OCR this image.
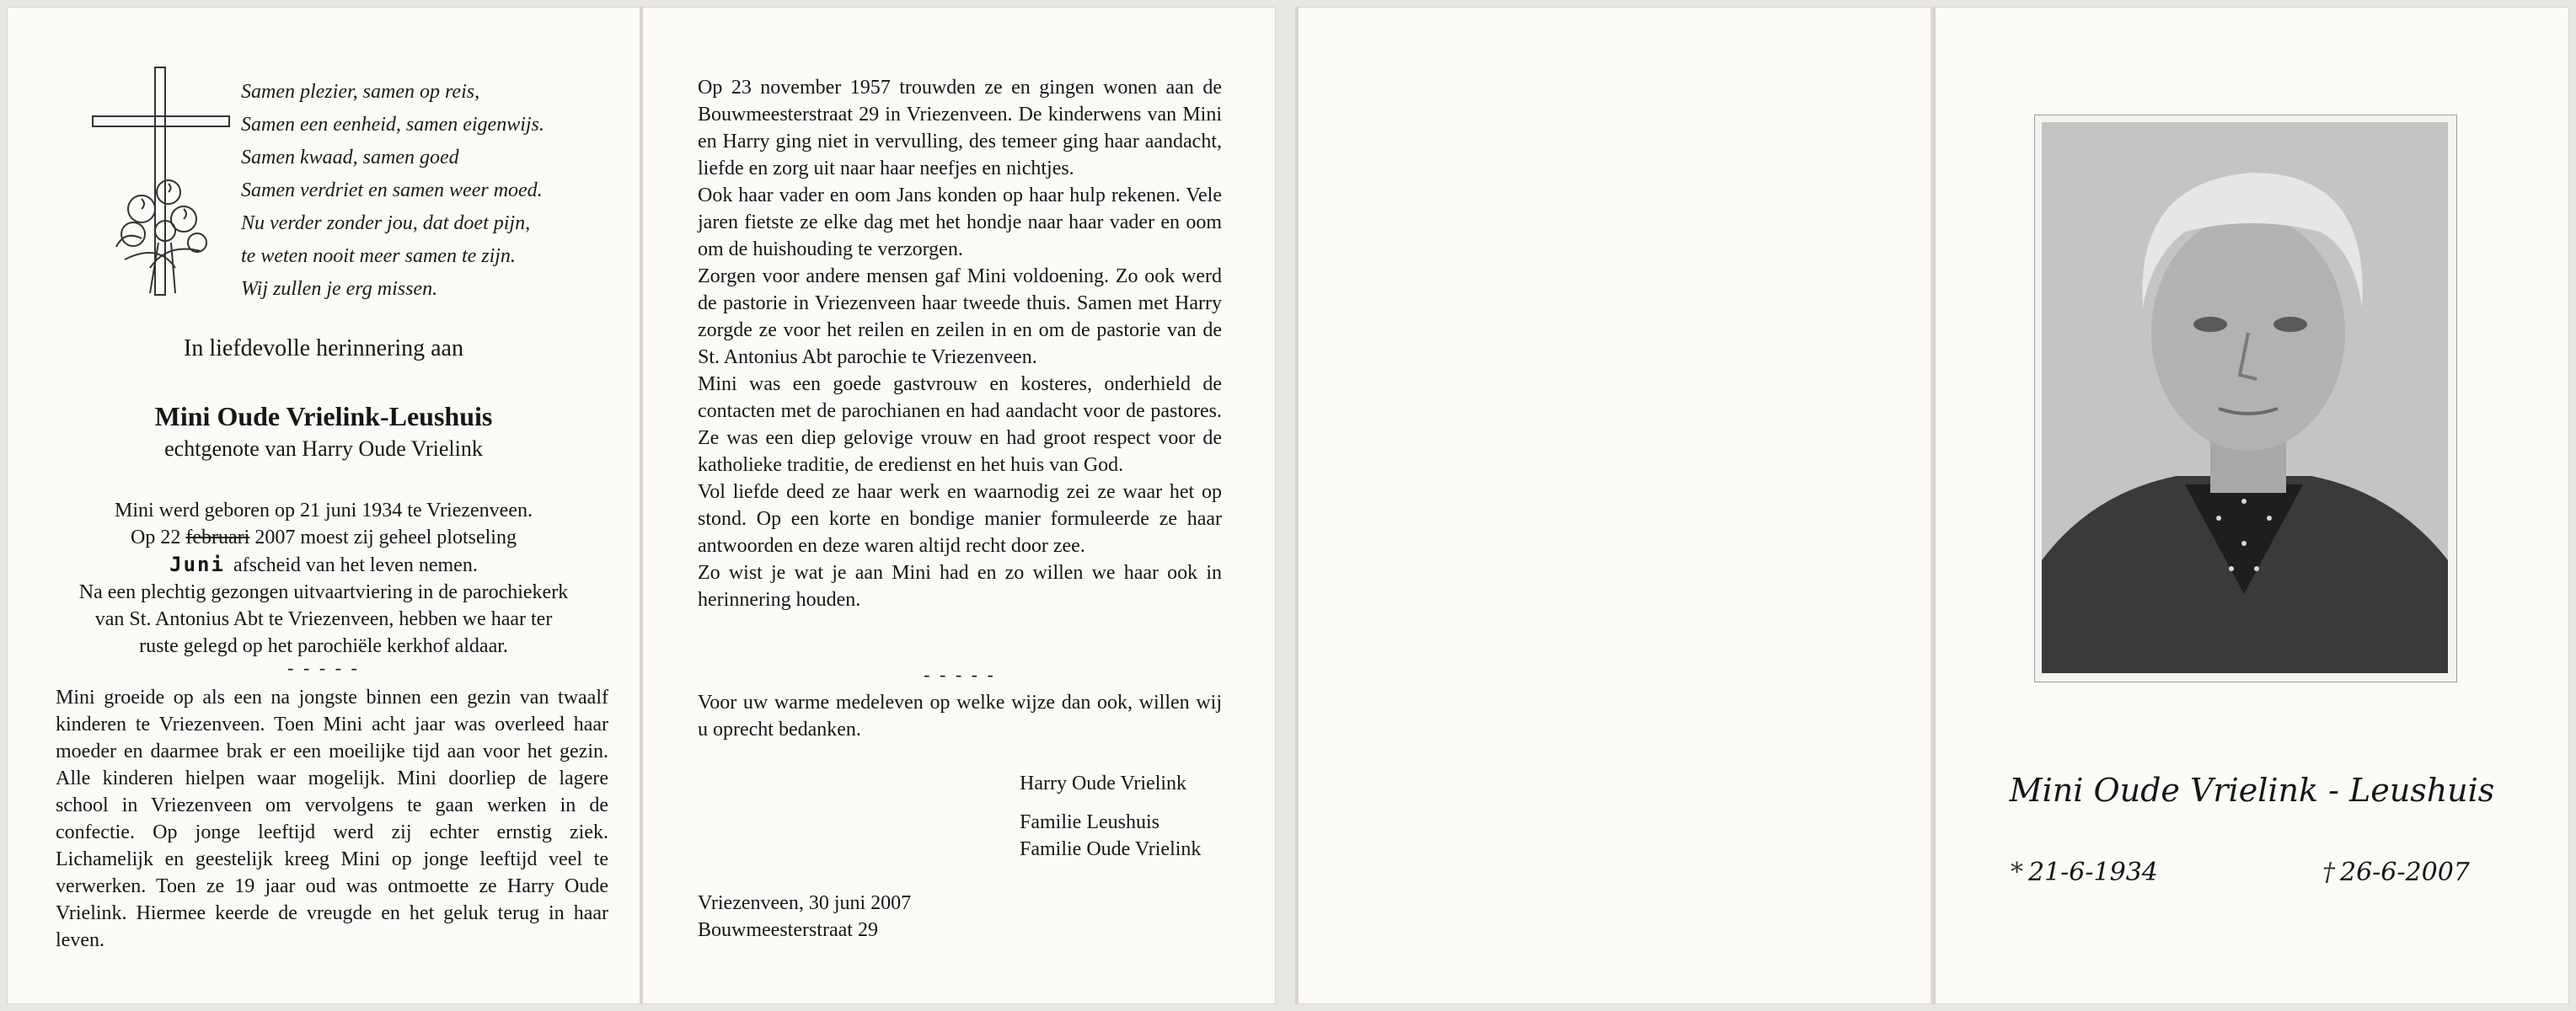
Samen plezier, samen op reis,
Samen een eenheid, samen eigenwijs.
Samen kwaad, samen goed
Samen verdriet en samen weer moed.
Nu verder zonder jou, dat doet pijn,
te weten nooit meer samen te zijn.
Wij zullen je erg missen.
In liefdevolle herinnering aan
Mini Oude Vrielink-Leushuis
echtgenote van Harry Oude Vrielink
Mini werd geboren op 21 juni 1934 te Vriezenveen.
Op 22 februari 2007 moest zij geheel plotseling
Juni afscheid van het leven nemen.
Na een plechtig gezongen uitvaartviering in de parochiekerk
van St. Antonius Abt te Vriezenveen, hebben we haar ter
ruste gelegd op het parochiële kerkhof aldaar.
- - - - -
Mini groeide op als een na jongste binnen een gezin van twaalf kinderen te Vriezenveen. Toen Mini acht jaar was overleed haar moeder en daarmee brak er een moeilijke tijd aan voor het gezin. Alle kinderen hielpen waar mogelijk. Mini doorliep de lagere school in Vriezenveen om vervolgens te gaan werken in de confectie. Op jonge leeftijd werd zij echter ernstig ziek. Lichamelijk en geestelijk kreeg Mini op jonge leeftijd veel te verwerken. Toen ze 19 jaar oud was ontmoette ze Harry Oude Vrielink. Hiermee keerde de vreugde en het geluk terug in haar leven.
Op 23 november 1957 trouwden ze en gingen wonen aan de Bouwmeesterstraat 29 in Vriezenveen. De kinderwens van Mini en Harry ging niet in vervulling, des temeer ging haar aandacht, liefde en zorg uit naar haar neefjes en nichtjes.
Ook haar vader en oom Jans konden op haar hulp rekenen. Vele jaren fietste ze elke dag met het hondje naar haar vader en oom om de huishouding te verzorgen.
Zorgen voor andere mensen gaf Mini voldoening. Zo ook werd de pastorie in Vriezenveen haar tweede thuis. Samen met Harry zorgde ze voor het reilen en zeilen in en om de pastorie van de St. Antonius Abt parochie te Vriezenveen.
Mini was een goede gastvrouw en kosteres, onderhield de contacten met de parochianen en had aandacht voor de pastores. Ze was een diep gelovige vrouw en had groot respect voor de katholieke traditie, de eredienst en het huis van God.
Vol liefde deed ze haar werk en waarnodig zei ze waar het op stond. Op een korte en bondige manier formuleerde ze haar antwoorden en deze waren altijd recht door zee.
Zo wist je wat je aan Mini had en zo willen we haar ook in herinnering houden.
- - - - -
Voor uw warme medeleven op welke wijze dan ook, willen wij u oprecht bedanken.
Harry Oude Vrielink
Familie Leushuis
Familie Oude Vrielink
Vriezenveen, 30 juni 2007
Bouwmeesterstraat 29
Mini Oude Vrielink - Leushuis
* 21-6-1934	† 26-6-2007
